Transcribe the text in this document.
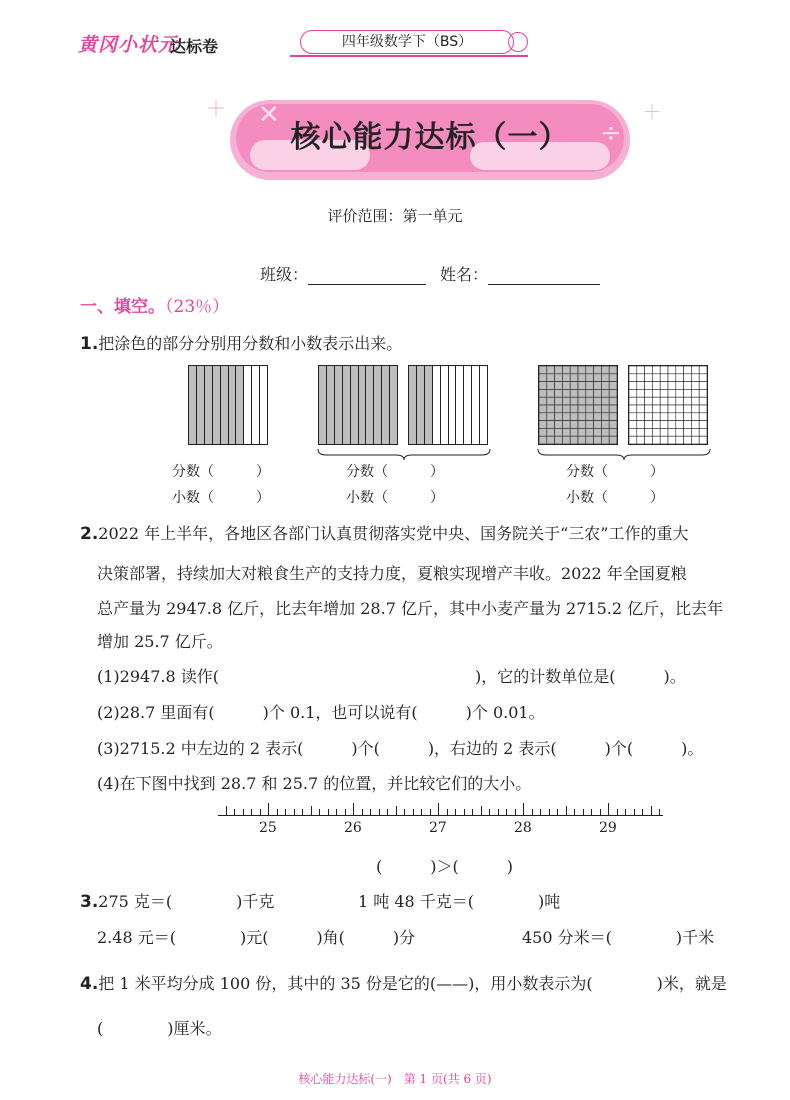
黄冈小状元
达标卷	四年级数学下（BS）
✕
÷
＋	＋
核心能力达标（一）
评价范围：第一单元
班级：	姓名：
一、填空。（23％）
1.把涂色的部分分别用分数和小数表示出来。
分数（　　　）
小数（　　　）
分数（　　　）
小数（　　　）
分数（　　　）
小数（　　　）
2.2022 年上半年，各地区各部门认真贯彻落实党中央、国务院关于“三农”工作的重大
决策部署，持续加大对粮食生产的支持力度，夏粮实现增产丰收。2022 年全国夏粮
总产量为 2947.8 亿斤，比去年增加 28.7 亿斤，其中小麦产量为 2715.2 亿斤，比去年
增加 25.7 亿斤。
(1)2947.8 读作(　　　　　　　　　　　　　　　　)，它的计数单位是(　　　)。
(2)28.7 里面有(　　　)个 0.1，也可以说有(　　　)个 0.01。
(3)2715.2 中左边的 2 表示(　　　)个(　　　)，右边的 2 表示(　　　)个(　　　)。
(4)在下图中找到 28.7 和 25.7 的位置，并比较它们的大小。
25	26	27	28	29
(　　　)＞(　　　)
3.275 克＝(　　　　)千克	1 吨 48 千克＝(　　　　)吨
2.48 元＝(　　　　)元(　　　)角(　　　)分	450 分米＝(　　　　)千米
4.把 1 米平均分成 100 份，其中的 35 份是它的(——)，用小数表示为(　　　　)米，就是
(　　　　)厘米。
核心能力达标(一)　第 1 页(共 6 页)
